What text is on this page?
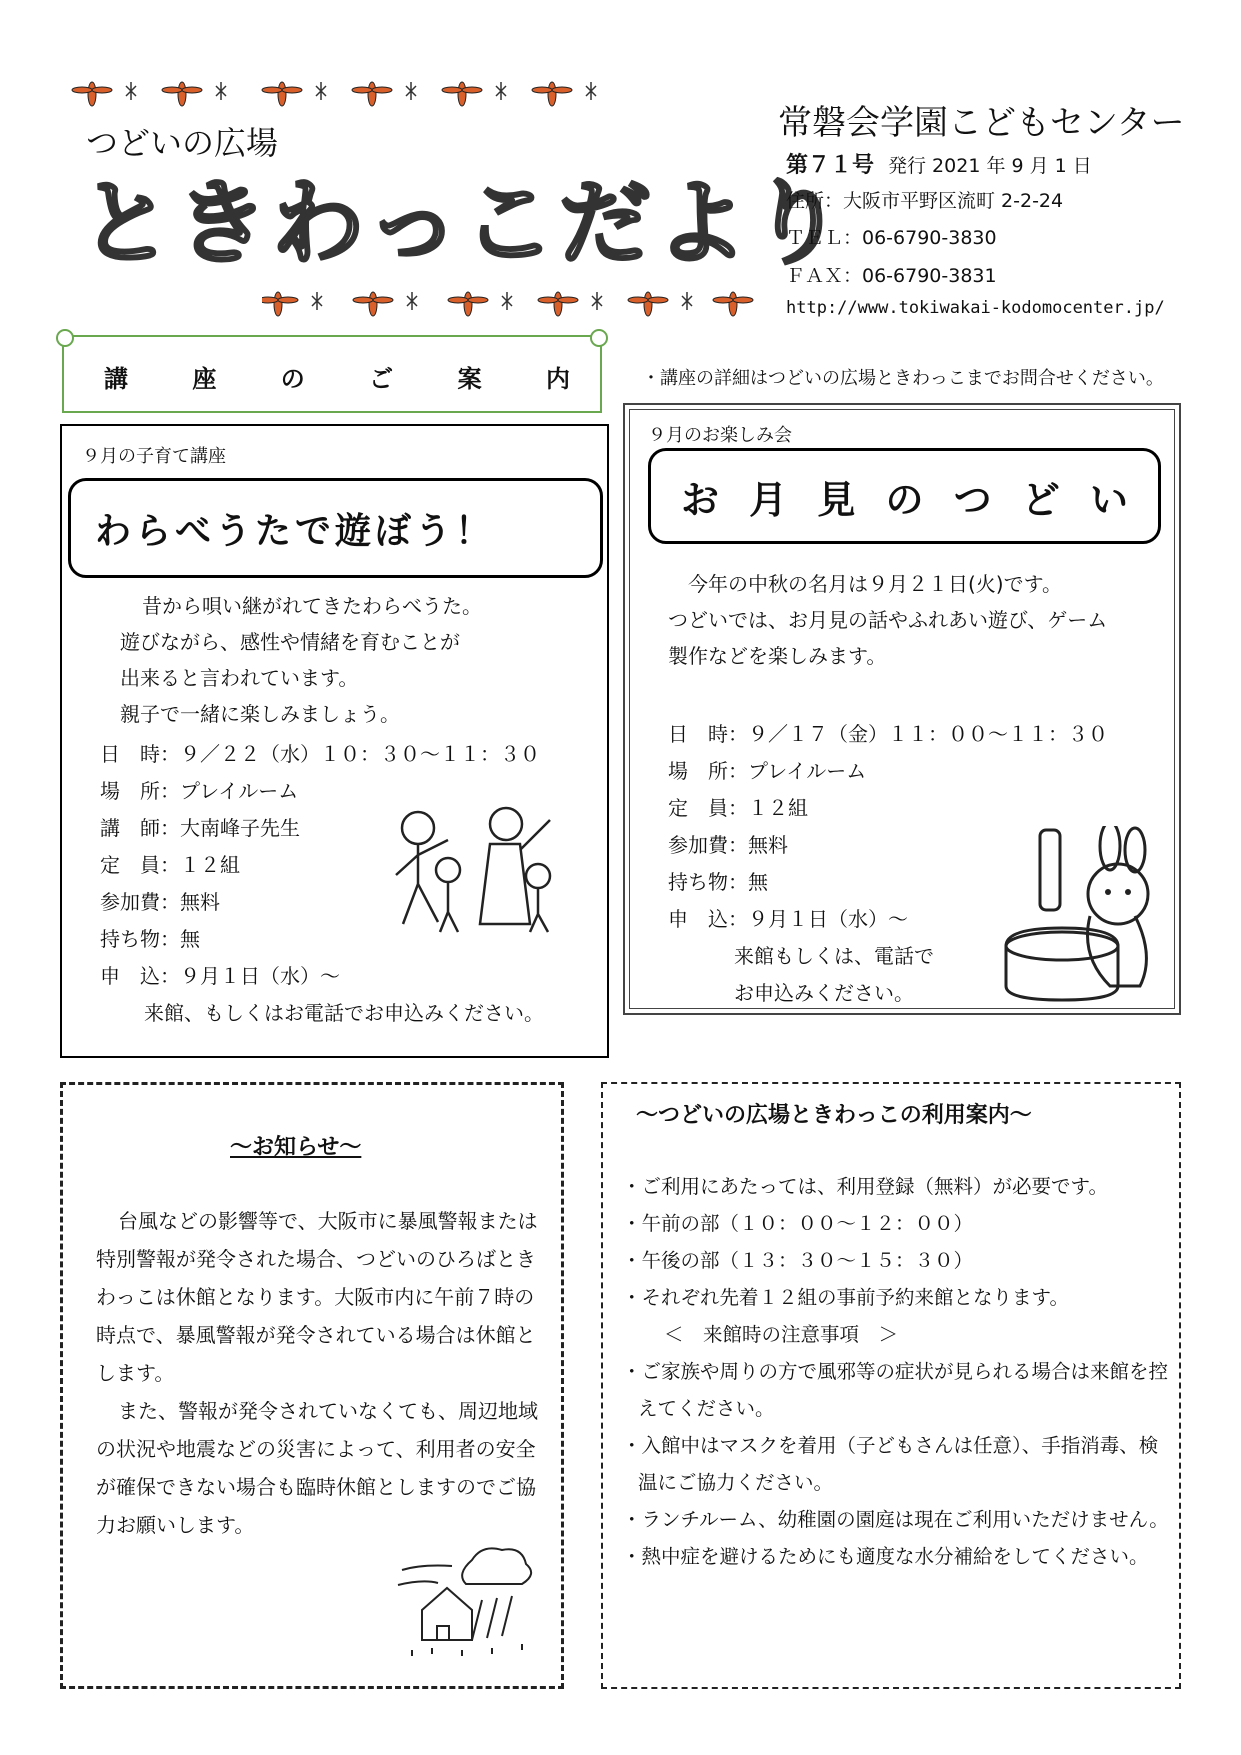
つどいの広場
ときわっこだより
常磐会学園こどもセンター
第７１号 発行 2021 年 9 月 1 日
住所：大阪市平野区流町 2-2-24
ＴＥＬ：06-6790-3830
ＦＡＸ：06-6790-3831
http://www.tokiwakai-kodomocenter.jp/
講	座	の	ご	案	内	・講座の詳細はつどいの広場ときわっこまでお問合せください。
９月の子育て講座
わらべうたで遊ぼう！
昔から唄い継がれてきたわらべうた。
遊びながら、感性や情緒を育むことが
出来ると言われています。
親子で一緒に楽しみましょう。
日　時：９／２２（水）１０：３０～１１：３０
場　所：プレイルーム
講　師：大南峰子先生
定　員：１２組
参加費：無料
持ち物：無
申　込：９月１日（水）～
来館、もしくはお電話でお申込みください。
９月のお楽しみ会
お 月 見 の つ ど い
今年の中秋の名月は９月２１日(火)です。
つどいでは、お月見の話やふれあい遊び、ゲーム
製作などを楽しみます。
日　時：９／１７（金）１１：００～１１：３０
場　所：プレイルーム
定　員：１２組
参加費：無料
持ち物：無
申　込：９月１日（水）～
来館もしくは、電話で
お申込みください。
～お知らせ～
台風などの影響等で、大阪市に暴風警報または特別警報が発令された場合、つどいのひろばときわっこは休館となります。大阪市内に午前７時の時点で、暴風警報が発令されている場合は休館とします。
また、警報が発令されていなくても、周辺地域の状況や地震などの災害によって、利用者の安全が確保できない場合も臨時休館としますのでご協力お願いします。
～つどいの広場ときわっこの利用案内～
・ご利用にあたっては、利用登録（無料）が必要です。
・午前の部（１０：００～１２：００）
・午後の部（１３：３０～１５：３０）
・それぞれ先着１２組の事前予約来館となります。
＜　来館時の注意事項　＞
・ご家族や周りの方で風邪等の症状が見られる場合は来館を控えてください。
・入館中はマスクを着用（子どもさんは任意）、手指消毒、検温にご協力ください。
・ランチルーム、幼稚園の園庭は現在ご利用いただけません。
・熱中症を避けるためにも適度な水分補給をしてください。
